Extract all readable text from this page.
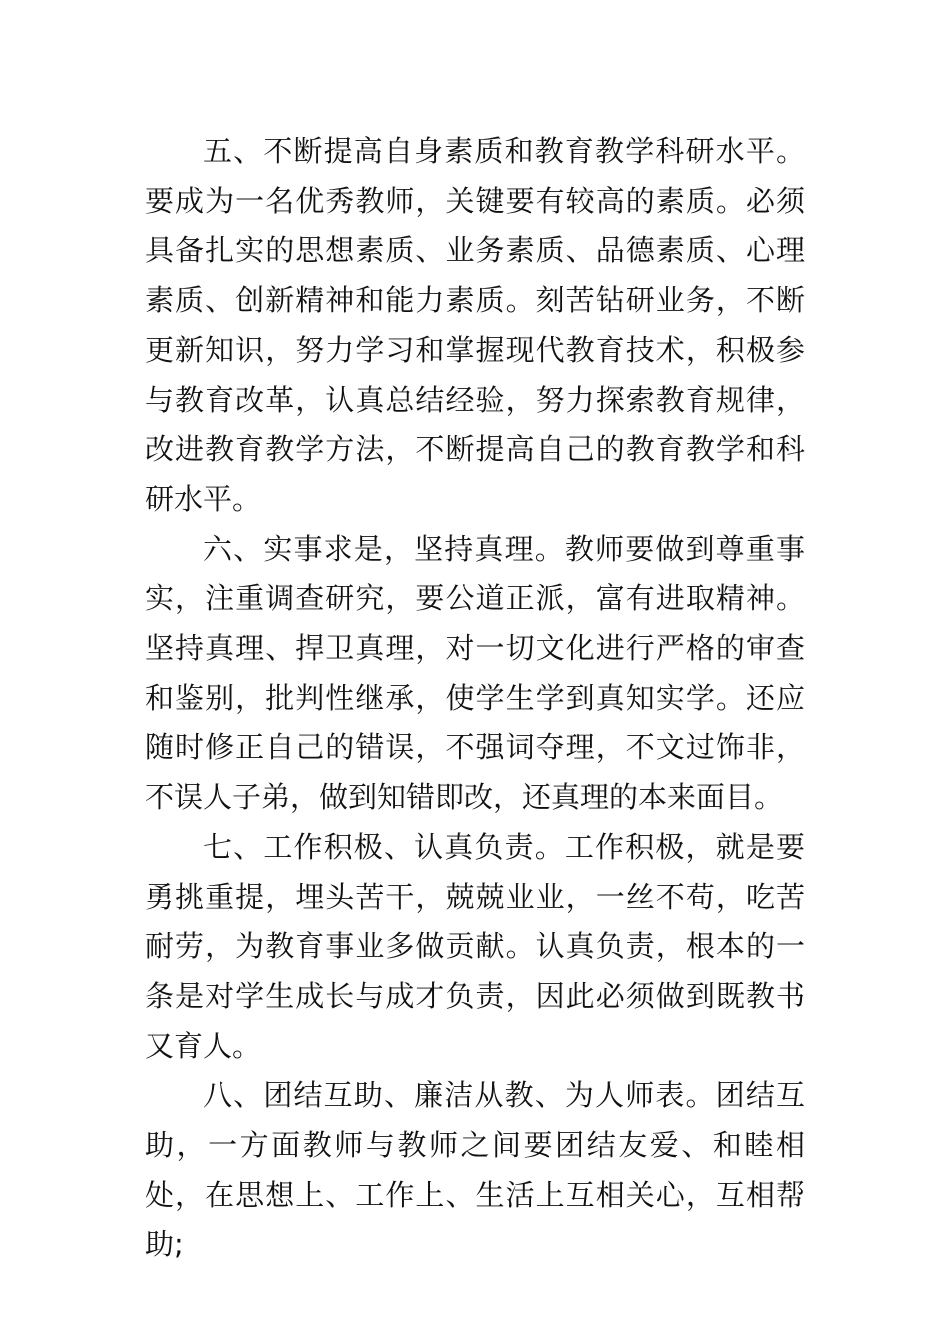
五、不断提高自身素质和教育教学科研水平。要成为一名优秀教师，关键要有较高的素质。必须具备扎实的思想素质、业务素质、品德素质、心理素质、创新精神和能力素质。刻苦钻研业务，不断更新知识，努力学习和掌握现代教育技术，积极参与教育改革，认真总结经验，努力探索教育规律，改进教育教学方法，不断提高自己的教育教学和科研水平。

六、实事求是，坚持真理。教师要做到尊重事实，注重调查研究，要公道正派，富有进取精神。坚持真理、捍卫真理，对一切文化进行严格的审查和鉴别，批判性继承，使学生学到真知实学。还应随时修正自己的错误，不强词夺理，不文过饰非，不误人子弟，做到知错即改，还真理的本来面目。

七、工作积极、认真负责。工作积极，就是要勇挑重提，埋头苦干，兢兢业业，一丝不苟，吃苦耐劳，为教育事业多做贡献。认真负责，根本的一条是对学生成长与成才负责，因此必须做到既教书又育人。

八、团结互助、廉洁从教、为人师表。团结互助，一方面教师与教师之间要团结友爱、和睦相处，在思想上、工作上、生活上互相关心，互相帮助;
